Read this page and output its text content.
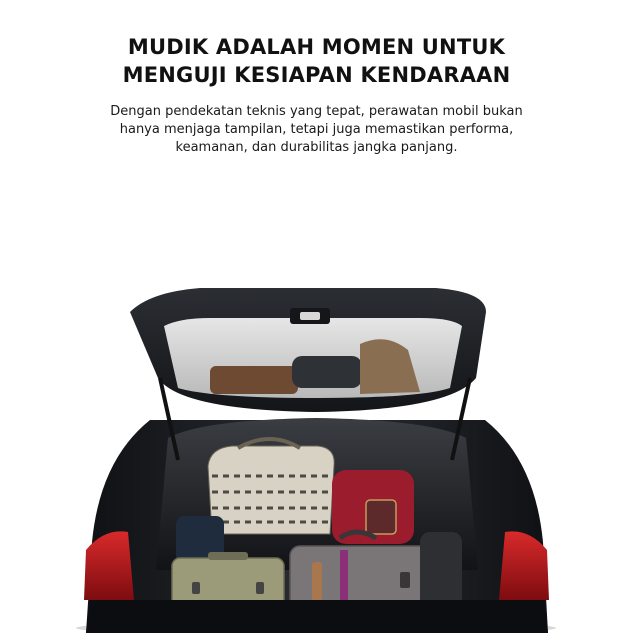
MUDIK ADALAH MOMEN UNTUK
MENGUJI KESIAPAN KENDARAAN

Dengan pendekatan teknis yang tepat, perawatan mobil bukan
hanya menjaga tampilan, tetapi juga memastikan performa,
keamanan, dan durabilitas jangka panjang.
